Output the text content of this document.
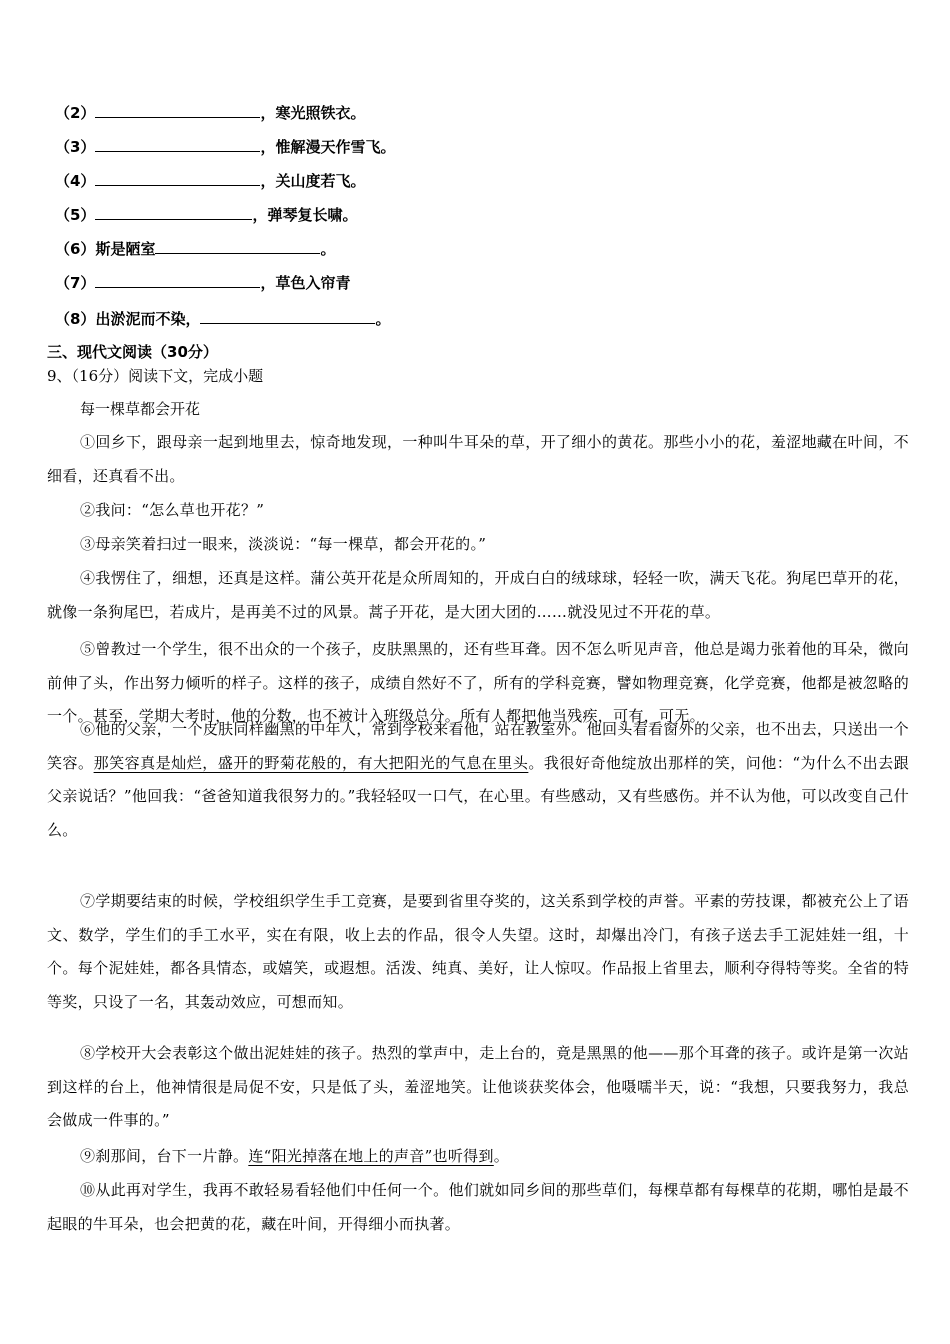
（2）	，寒光照铁衣。
（3）	，惟解漫天作雪飞。
（4）	，关山度若飞。
（5）	，弹琴复长啸。
（6）斯是陋室	。
（7）	，草色入帘青
（8）出淤泥而不染，	。
三、现代文阅读（30分）
9、（16分）阅读下文，完成小题
每一棵草都会开花
①回乡下，跟母亲一起到地里去，惊奇地发现，一种叫牛耳朵的草，开了细小的黄花。那些小小的花，羞涩地藏在叶间，不细看，还真看不出。
②我问：“怎么草也开花？”
③母亲笑着扫过一眼来，淡淡说：“每一棵草，都会开花的。”
④我愣住了，细想，还真是这样。蒲公英开花是众所周知的，开成白白的绒球球，轻轻一吹，满天飞花。狗尾巴草开的花，就像一条狗尾巴，若成片，是再美不过的风景。蒿子开花，是大团大团的……就没见过不开花的草。
⑤曾教过一个学生，很不出众的一个孩子，皮肤黑黑的，还有些耳聋。因不怎么听见声音，他总是竭力张着他的耳朵，微向前伸了头，作出努力倾听的样子。这样的孩子，成绩自然好不了，所有的学科竞赛，譬如物理竞赛，化学竞赛，他都是被忽略的一个。甚至，学期大考时，他的分数，也不被计入班级总分。所有人都把他当残疾，可有，可无。
⑥他的父亲，一个皮肤同样幽黑的中年人，常到学校来看他，站在教室外。他回头看看窗外的父亲，也不出去，只送出一个笑容。那笑容真是灿烂，盛开的野菊花般的，有大把阳光的气息在里头。我很好奇他绽放出那样的笑，问他：“为什么不出去跟父亲说话？”他回我：“爸爸知道我很努力的。”我轻轻叹一口气，在心里。有些感动，又有些感伤。并不认为他，可以改变自己什么。
⑦学期要结束的时候，学校组织学生手工竞赛，是要到省里夺奖的，这关系到学校的声誉。平素的劳技课，都被充公上了语文、数学，学生们的手工水平，实在有限，收上去的作品，很令人失望。这时，却爆出冷门，有孩子送去手工泥娃娃一组，十个。每个泥娃娃，都各具情态，或嬉笑，或遐想。活泼、纯真、美好，让人惊叹。作品报上省里去，顺利夺得特等奖。全省的特等奖，只设了一名，其轰动效应，可想而知。
⑧学校开大会表彰这个做出泥娃娃的孩子。热烈的掌声中，走上台的，竟是黑黑的他——那个耳聋的孩子。或许是第一次站到这样的台上，他神情很是局促不安，只是低了头，羞涩地笑。让他谈获奖体会，他嗫嚅半天，说：“我想，只要我努力，我总会做成一件事的。”
⑨刹那间，台下一片静。连“阳光掉落在地上的声音”也听得到。
⑩从此再对学生，我再不敢轻易看轻他们中任何一个。他们就如同乡间的那些草们，每棵草都有每棵草的花期，哪怕是最不起眼的牛耳朵，也会把黄的花，藏在叶间，开得细小而执著。
